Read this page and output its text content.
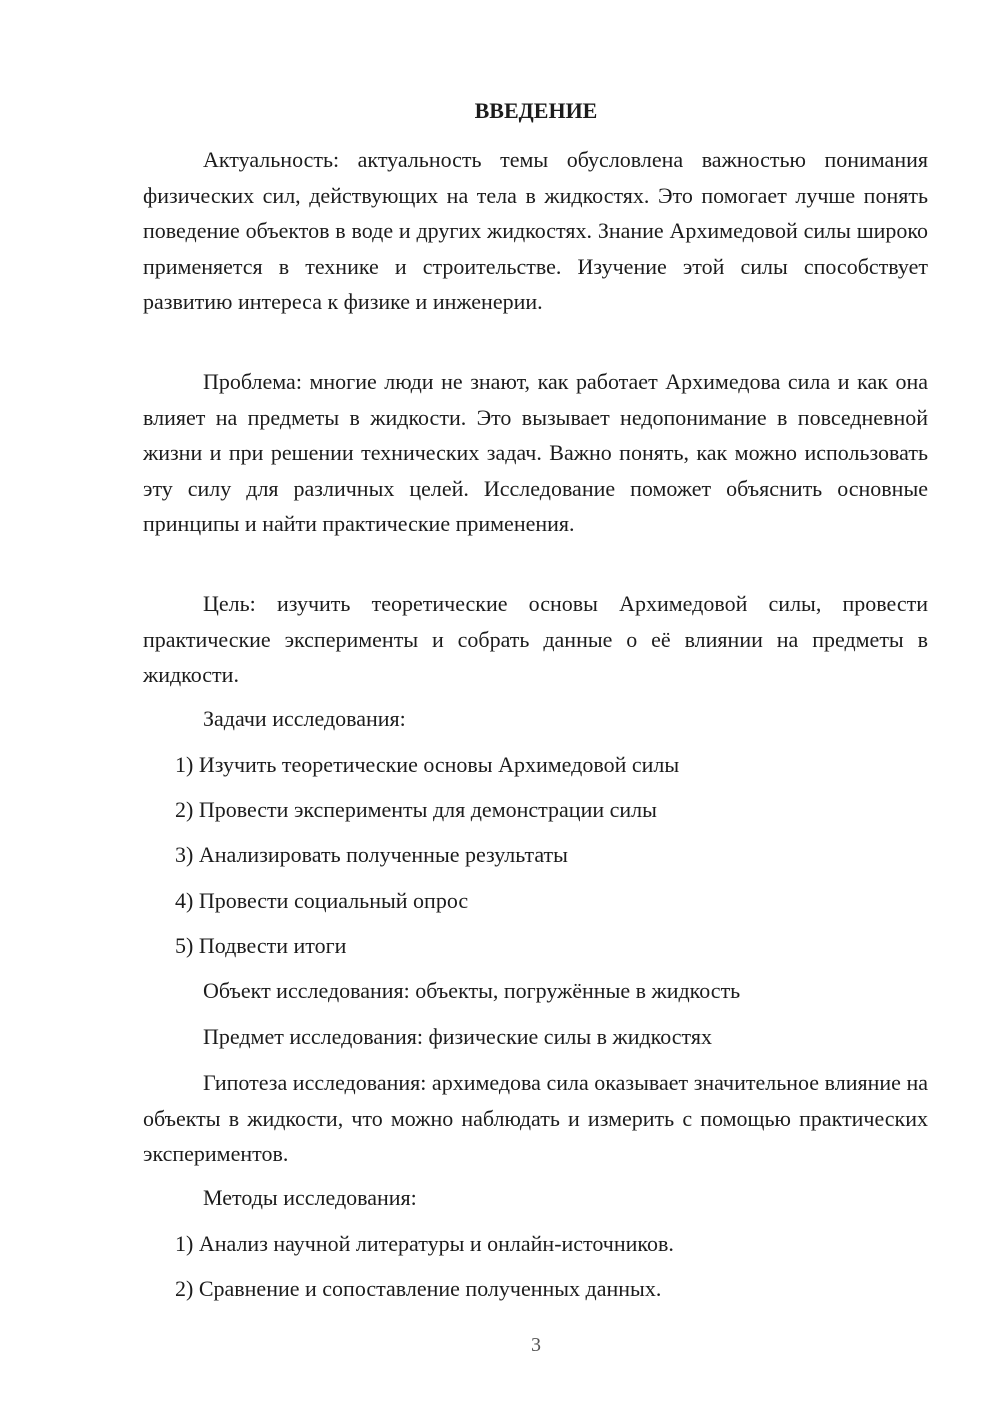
ВВЕДЕНИЕ

Актуальность: актуальность темы обусловлена важностью понимания физических сил, действующих на тела в жидкостях. Это помогает лучше понять поведение объектов в воде и других жидкостях. Знание Архимедовой силы широко применяется в технике и строительстве. Изучение этой силы способствует развитию интереса к физике и инженерии.

Проблема: многие люди не знают, как работает Архимедова сила и как она влияет на предметы в жидкости. Это вызывает недопонимание в повседневной жизни и при решении технических задач. Важно понять, как можно использовать эту силу для различных целей. Исследование поможет объяснить основные принципы и найти практические применения.

Цель: изучить теоретические основы Архимедовой силы, провести практические эксперименты и собрать данные о её влиянии на предметы в жидкости.

Задачи исследования:

1) Изучить теоретические основы Архимедовой силы

2) Провести эксперименты для демонстрации силы

3) Анализировать полученные результаты

4) Провести социальный опрос

5) Подвести итоги

Объект исследования: объекты, погружённые в жидкость

Предмет исследования: физические силы в жидкостях

Гипотеза исследования: архимедова сила оказывает значительное влияние на объекты в жидкости, что можно наблюдать и измерить с помощью практических экспериментов.

Методы исследования:

1) Анализ научной литературы и онлайн-источников.

2) Сравнение и сопоставление полученных данных.

3
